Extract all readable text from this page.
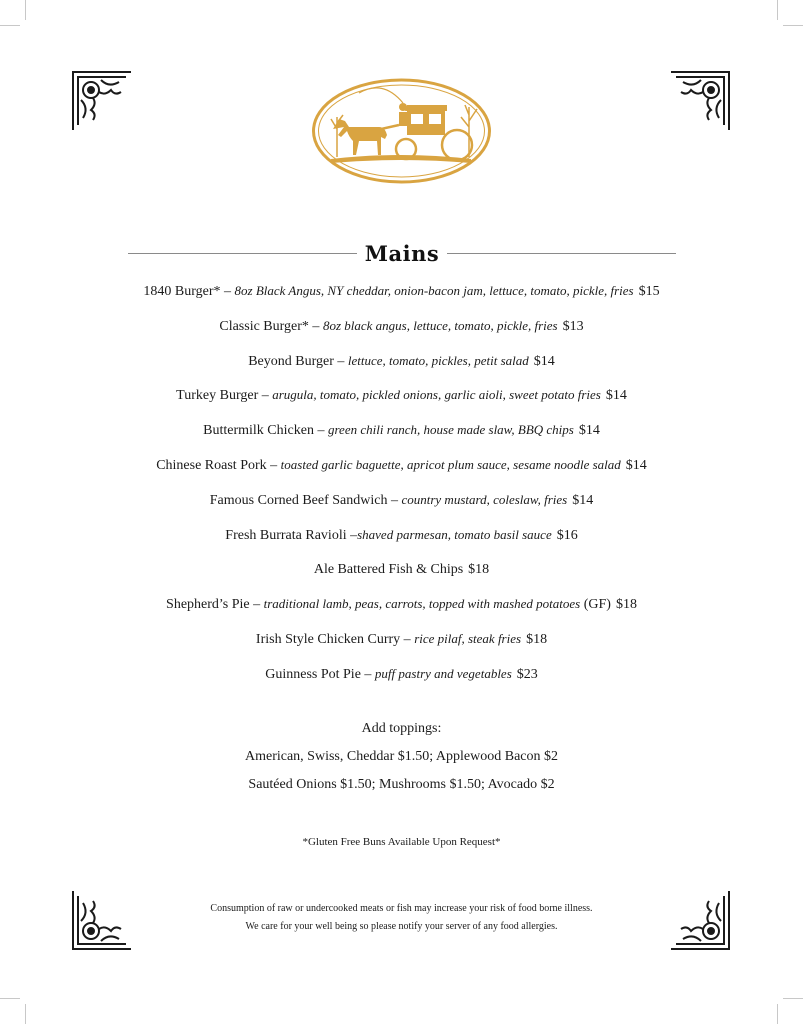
Mains
1840 Burger* – 8oz Black Angus, NY cheddar, onion-bacon jam, lettuce, tomato, pickle, fries $15
Classic Burger* – 8oz black angus, lettuce, tomato, pickle, fries $13
Beyond Burger – lettuce, tomato, pickles, petit salad $14
Turkey Burger – arugula, tomato, pickled onions, garlic aioli, sweet potato fries $14
Buttermilk Chicken – green chili ranch, house made slaw, BBQ chips $14
Chinese Roast Pork – toasted garlic baguette, apricot plum sauce, sesame noodle salad $14
Famous Corned Beef Sandwich – country mustard, coleslaw, fries $14
Fresh Burrata Ravioli –shaved parmesan, tomato basil sauce $16
Ale Battered Fish & Chips $18
Shepherd’s Pie – traditional lamb, peas, carrots, topped with mashed potatoes (GF) $18
Irish Style Chicken Curry – rice pilaf, steak fries $18
Guinness Pot Pie – puff pastry and vegetables $23
Add toppings:
American, Swiss, Cheddar $1.50; Applewood Bacon $2
Sautéed Onions $1.50; Mushrooms $1.50; Avocado $2
*Gluten Free Buns Available Upon Request*
Consumption of raw or undercooked meats or fish may increase your risk of food borne illness.
We care for your well being so please notify your server of any food allergies.
